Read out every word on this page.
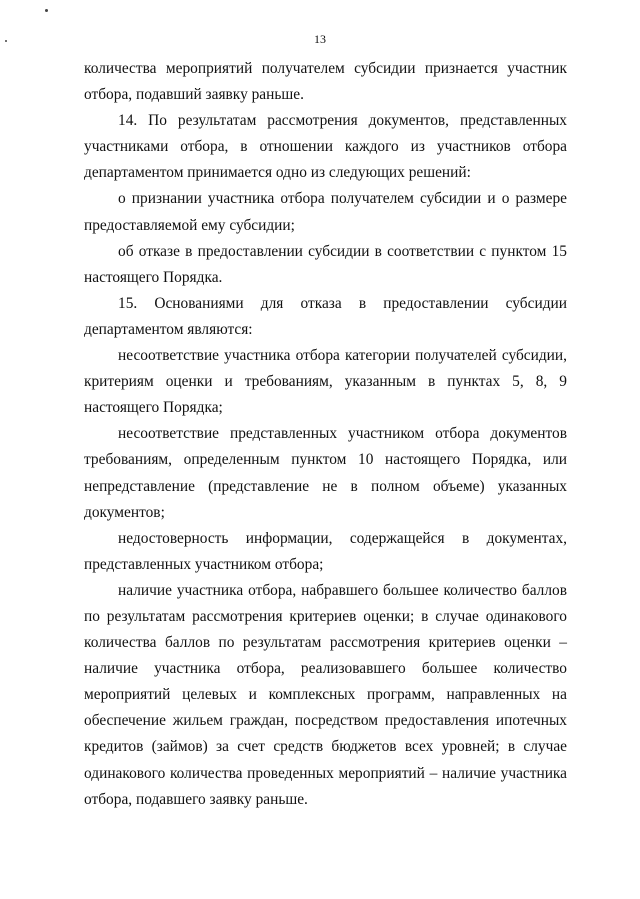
13

количества мероприятий получателем субсидии признается участник отбора, подавший заявку раньше.

14. По результатам рассмотрения документов, представленных участниками отбора, в отношении каждого из участников отбора департаментом принимается одно из следующих решений:

о признании участника отбора получателем субсидии и о размере предоставляемой ему субсидии;

об отказе в предоставлении субсидии в соответствии с пунктом 15 настоящего Порядка.

15. Основаниями для отказа в предоставлении субсидии департаментом являются:

несоответствие участника отбора категории получателей субсидии, критериям оценки и требованиям, указанным в пунктах 5, 8, 9 настоящего Порядка;

несоответствие представленных участником отбора документов требованиям, определенным пунктом 10 настоящего Порядка, или непредставление (представление не в полном объеме) указанных документов;

недостоверность информации, содержащейся в документах, представленных участником отбора;

наличие участника отбора, набравшего большее количество баллов по результатам рассмотрения критериев оценки; в случае одинакового количества баллов по результатам рассмотрения критериев оценки – наличие участника отбора, реализовавшего большее количество мероприятий целевых и комплексных программ, направленных на обеспечение жильем граждан, посредством предоставления ипотечных кредитов (займов) за счет средств бюджетов всех уровней; в случае одинакового количества проведенных мероприятий – наличие участника отбора, подавшего заявку раньше.
